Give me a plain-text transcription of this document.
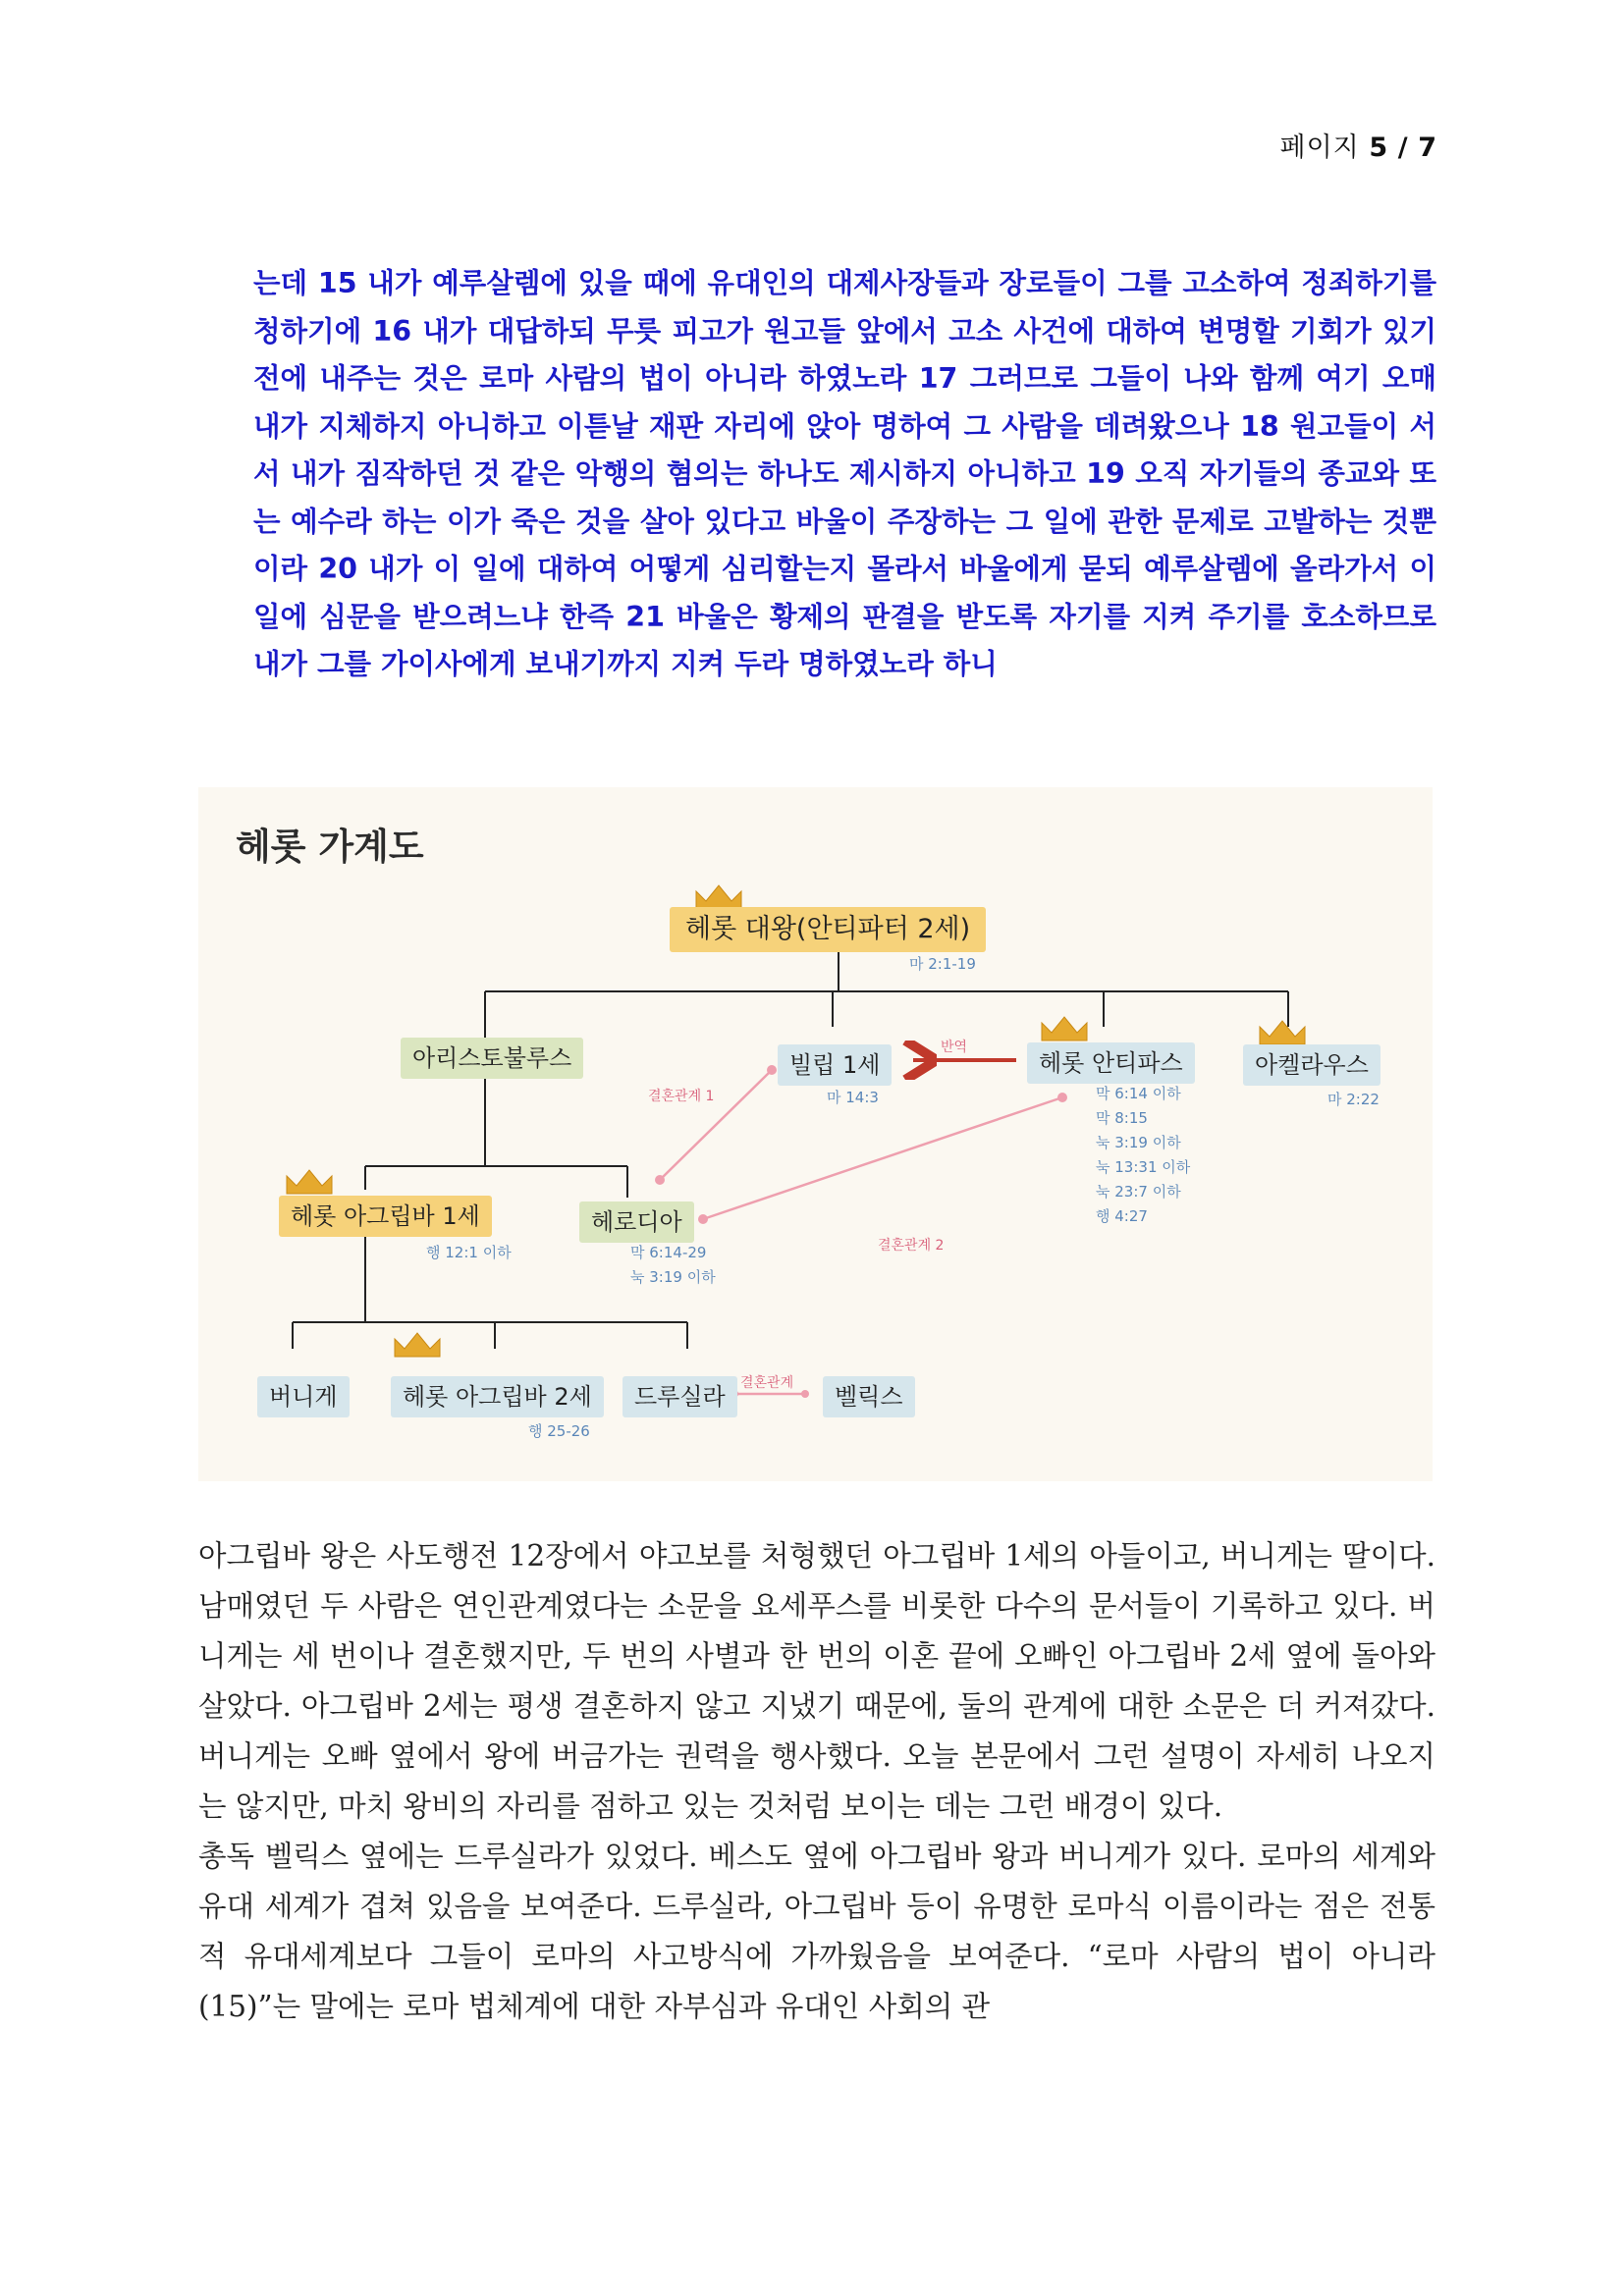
페이지 5 / 7

는데 15 내가 예루살렘에 있을 때에 유대인의 대제사장들과 장로들이 그를 고소하여 정죄하기를 청하기에 16 내가 대답하되 무릇 피고가 원고들 앞에서 고소 사건에 대하여 변명할 기회가 있기 전에 내주는 것은 로마 사람의 법이 아니라 하였노라 17 그러므로 그들이 나와 함께 여기 오매 내가 지체하지 아니하고 이튿날 재판 자리에 앉아 명하여 그 사람을 데려왔으나 18 원고들이 서서 내가 짐작하던 것 같은 악행의 혐의는 하나도 제시하지 아니하고 19 오직 자기들의 종교와 또는 예수라 하는 이가 죽은 것을 살아 있다고 바울이 주장하는 그 일에 관한 문제로 고발하는 것뿐이라 20 내가 이 일에 대하여 어떻게 심리할는지 몰라서 바울에게 묻되 예루살렘에 올라가서 이 일에 심문을 받으려느냐 한즉 21 바울은 황제의 판결을 받도록 자기를 지켜 주기를 호소하므로 내가 그를 가이사에게 보내기까지 지켜 두라 명하였노라 하니

헤롯 가계도
헤롯 대왕(안티파터 2세)
마 2:1-19
아리스토불루스	빌립 1세
마 14:3
반역
헤롯 안티파스
막 6:14 이하
막 8:15
눅 3:19 이하
눅 13:31 이하
눅 23:7 이하
행 4:27
아켈라우스
마 2:22
결혼관계 1
헤롯 아그립바 1세
행 12:1 이하
헤로디아
막 6:14-29
눅 3:19 이하
결혼관계 2
버니게	헤롯 아그립바 2세
행 25-26
드루실라	결혼관계	벨릭스

아그립바 왕은 사도행전 12장에서 야고보를 처형했던 아그립바 1세의 아들이고, 버니게는 딸이다. 남매였던 두 사람은 연인관계였다는 소문을 요세푸스를 비롯한 다수의 문서들이 기록하고 있다. 버니게는 세 번이나 결혼했지만, 두 번의 사별과 한 번의 이혼 끝에 오빠인 아그립바 2세 옆에 돌아와 살았다. 아그립바 2세는 평생 결혼하지 않고 지냈기 때문에, 둘의 관계에 대한 소문은 더 커져갔다. 버니게는 오빠 옆에서 왕에 버금가는 권력을 행사했다. 오늘 본문에서 그런 설명이 자세히 나오지는 않지만, 마치 왕비의 자리를 점하고 있는 것처럼 보이는 데는 그런 배경이 있다.

총독 벨릭스 옆에는 드루실라가 있었다. 베스도 옆에 아그립바 왕과 버니게가 있다. 로마의 세계와 유대 세계가 겹쳐 있음을 보여준다. 드루실라, 아그립바 등이 유명한 로마식 이름이라는 점은 전통적 유대세계보다 그들이 로마의 사고방식에 가까웠음을 보여준다. “로마 사람의 법이 아니라(15)”는 말에는 로마 법체계에 대한 자부심과 유대인 사회의 관
